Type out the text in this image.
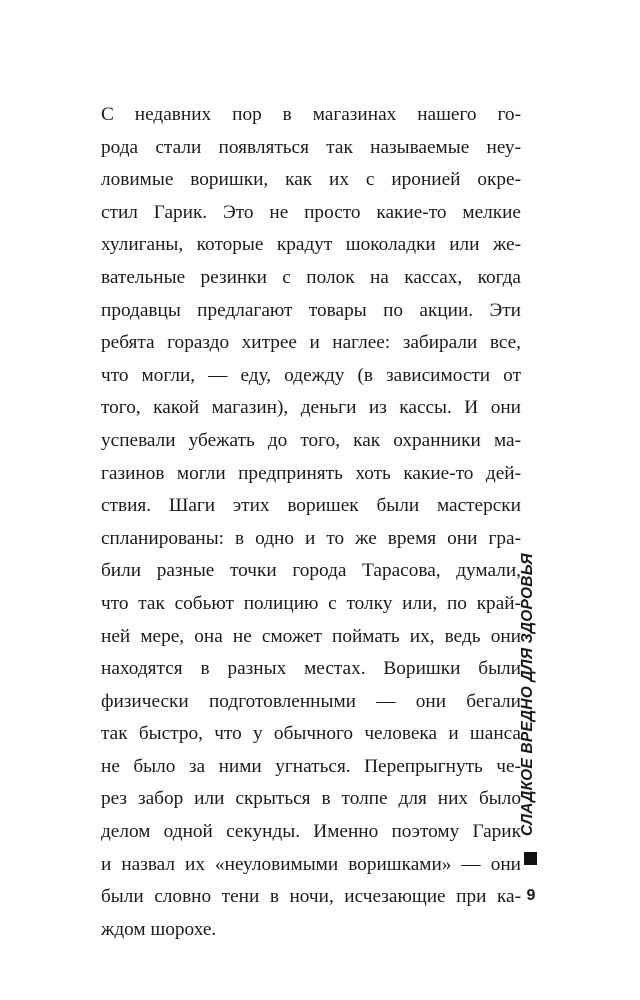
С недавних пор в магазинах нашего го-
рода стали появляться так называемые неу-
ловимые воришки, как их с иронией окре-
стил Гарик. Это не просто какие-то мелкие
хулиганы, которые крадут шоколадки или же-
вательные резинки с полок на кассах, когда
продавцы предлагают товары по акции. Эти
ребята гораздо хитрее и наглее: забирали все,
что могли, — еду, одежду (в зависимости от
того, какой магазин), деньги из кассы. И они
успевали убежать до того, как охранники ма-
газинов могли предпринять хоть какие-то дей-
ствия. Шаги этих воришек были мастерски
спланированы: в одно и то же время они гра-
били разные точки города Тарасова, думали,
что так собьют полицию с толку или, по край-
ней мере, она не сможет поймать их, ведь они
находятся в разных местах. Воришки были
физически подготовленными — они бегали
так быстро, что у обычного человека и шанса
не было за ними угнаться. Перепрыгнуть че-
рез забор или скрыться в толпе для них было
делом одной секунды. Именно поэтому Гарик
и назвал их «неуловимыми воришками» — они
были словно тени в ночи, исчезающие при ка-
ждом шорохе.
СЛАДКОЕ ВРЕДНО ДЛЯ ЗДОРОВЬЯ
9
